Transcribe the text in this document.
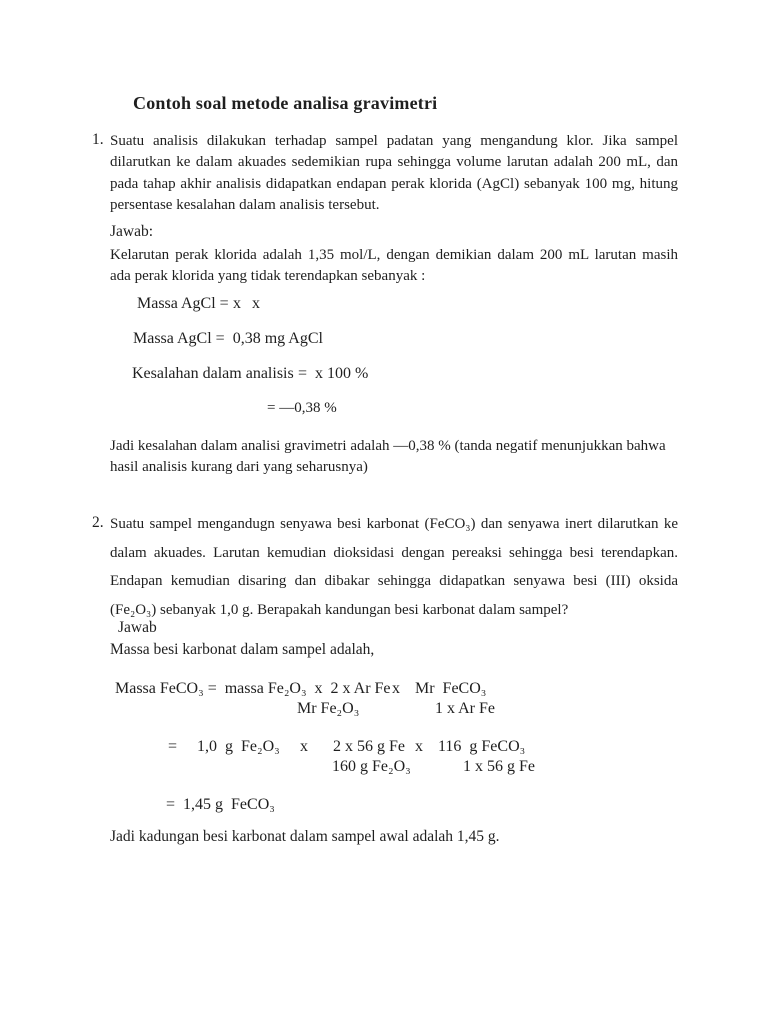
Contoh soal metode analisa gravimetri
1. Suatu analisis dilakukan terhadap sampel padatan yang mengandung klor. Jika sampel
dilarutkan ke dalam akuades sedemikian rupa sehingga volume larutan adalah 200 mL, dan
pada tahap akhir analisis didapatkan endapan perak klorida (AgCl) sebanyak 100 mg, hitung
persentase kesalahan dalam analisis tersebut.
Jawab:
Kelarutan perak klorida adalah 1,35 mol/L, dengan demikian dalam 200 mL larutan masih
ada perak klorida yang tidak terendapkan sebanyak :
Massa AgCl = x x
Massa AgCl =  0,38 mg AgCl
Kesalahan dalam analisis = x 100 %
= —0,38 %
Jadi kesalahan dalam analisi gravimetri adalah —0,38 % (tanda negatif menunjukkan bahwa
hasil analisis kurang dari yang seharusnya)
2. Suatu sampel mengandugn senyawa besi karbonat (FeCO₃) dan senyawa inert dilarutkan ke
dalam akuades. Larutan kemudian dioksidasi dengan pereaksi sehingga besi terendapkan.
Endapan kemudian disaring dan dibakar sehingga didapatkan senyawa besi (III) oksida
(Fe₂O₃) sebanyak 1,0 g. Berapakah kandungan besi karbonat dalam sampel?
Jawab
Massa besi karbonat dalam sampel adalah,
Massa FeCO₃ =  massa Fe₂O₃  x  2 x Ar Fe x Mr  FeCO₃
Mr Fe₂O₃	1 x Ar Fe
= 1,0  g  Fe₂O₃ x 2 x 56 g Fe x 116  g FeCO₃
160 g Fe₂O₃	1 x 56 g Fe
=  1,45 g  FeCO₃
Jadi kadungan besi karbonat dalam sampel awal adalah 1,45 g.
